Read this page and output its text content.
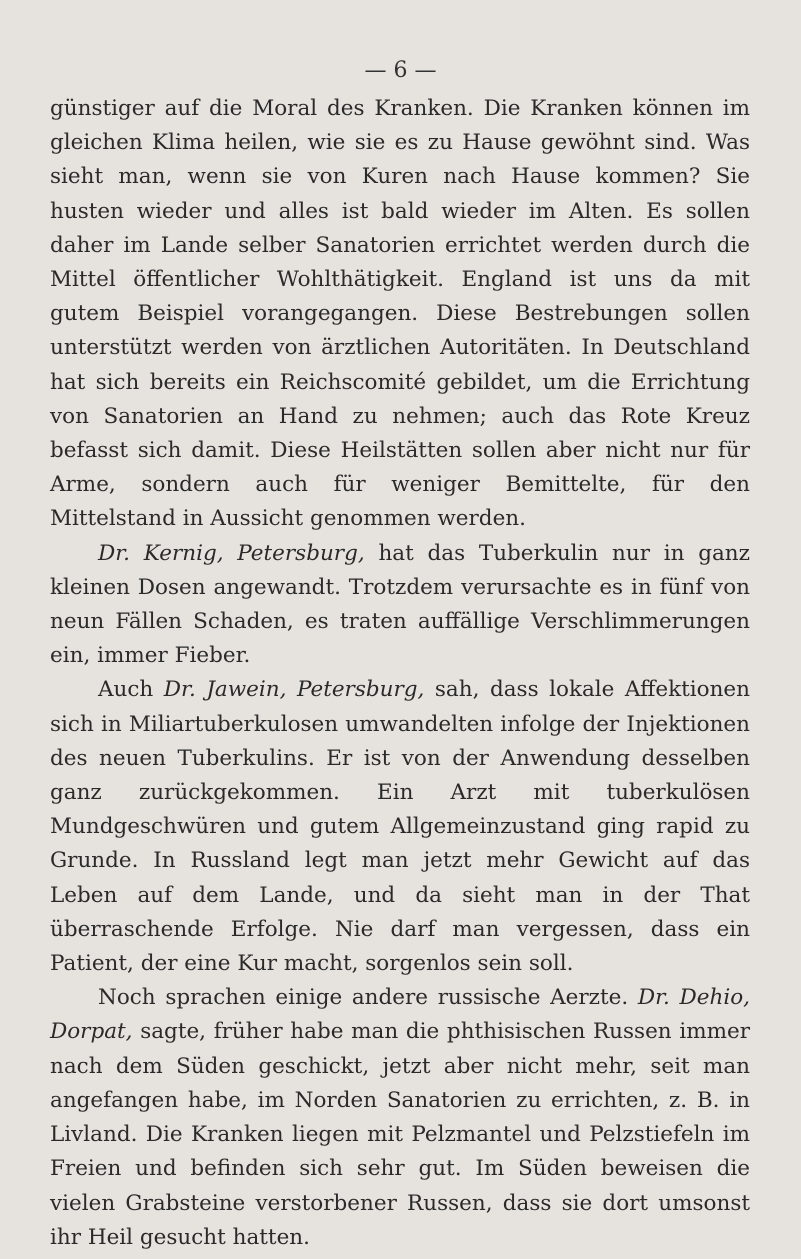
— 6 —

günstiger auf die Moral des Kranken. Die Kranken können im gleichen Klima heilen, wie sie es zu Hause gewöhnt sind. Was sieht man, wenn sie von Kuren nach Hause kommen? Sie husten wieder und alles ist bald wieder im Alten. Es sollen daher im Lande selber Sanatorien errichtet werden durch die Mittel öffentlicher Wohlthätigkeit. England ist uns da mit gutem Beispiel vorangegangen. Diese Bestrebungen sollen unterstützt werden von ärztlichen Autoritäten. In Deutschland hat sich bereits ein Reichscomité gebildet, um die Errichtung von Sanatorien an Hand zu nehmen; auch das Rote Kreuz befasst sich damit. Diese Heilstätten sollen aber nicht nur für Arme, sondern auch für weniger Bemittelte, für den Mittelstand in Aussicht genommen werden.

Dr. Kernig, Petersburg, hat das Tuberkulin nur in ganz kleinen Dosen angewandt. Trotzdem verursachte es in fünf von neun Fällen Schaden, es traten auffällige Verschlimmerungen ein, immer Fieber.

Auch Dr. Jawein, Petersburg, sah, dass lokale Affektionen sich in Miliartuberkulosen umwandelten infolge der Injektionen des neuen Tuberkulins. Er ist von der Anwendung desselben ganz zurückgekommen. Ein Arzt mit tuberkulösen Mundgeschwüren und gutem Allgemeinzustand ging rapid zu Grunde. In Russland legt man jetzt mehr Gewicht auf das Leben auf dem Lande, und da sieht man in der That überraschende Erfolge. Nie darf man vergessen, dass ein Patient, der eine Kur macht, sorgenlos sein soll.

Noch sprachen einige andere russische Aerzte. Dr. Dehio, Dorpat, sagte, früher habe man die phthisischen Russen immer nach dem Süden geschickt, jetzt aber nicht mehr, seit man angefangen habe, im Norden Sanatorien zu errichten, z. B. in Livland. Die Kranken liegen mit Pelzmantel und Pelzstiefeln im Freien und befinden sich sehr gut. Im Süden beweisen die vielen Grabsteine verstorbener Russen, dass sie dort umsonst ihr Heil gesucht hatten.
